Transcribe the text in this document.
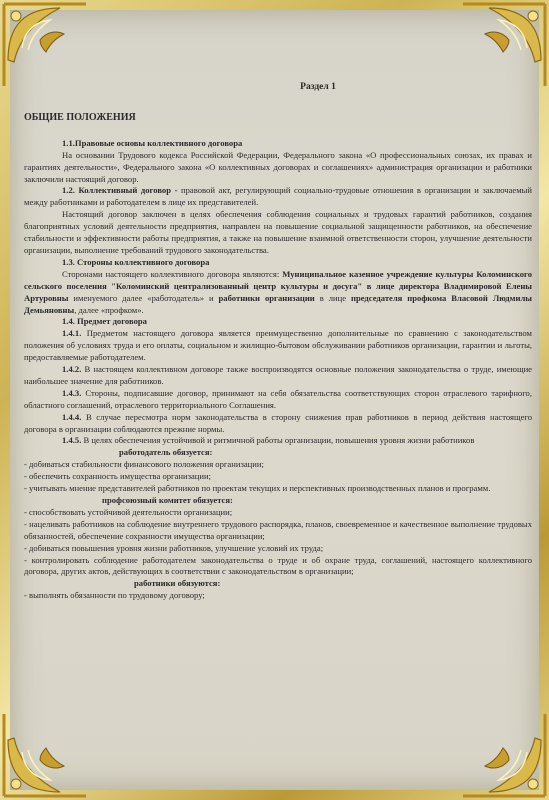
Раздел 1
ОБЩИЕ ПОЛОЖЕНИЯ
1.1.Правовые основы коллективного договора
На основании Трудового кодекса Российской Федерации, Федерального закона «О профессиональных союзах, их правах и гарантиях деятельности», Федерального закона «О коллективных договорах и соглашениях» администрация организации и работники заключили настоящий договор.
1.2. Коллективный договор - правовой акт, регулирующий социально-трудовые отношения в организации и заключаемый между работниками и работодателем в лице их представителей.
Настоящий договор заключен в целях обеспечения соблюдения социальных и трудовых гарантий работников, создания благоприятных условий деятельности предприятия, направлен на повышение социальной защищенности работников, на обеспечение стабильности и эффективности работы предприятия, а также на повышение взаимной ответственности сторон, улучшение деятельности организации, выполнение требований трудового законодательства.
1.3. Стороны коллективного договора
Сторонами настоящего коллективного договора являются: Муниципальное казенное учреждение культуры Коломинского сельского поселения "Коломинский централизованный центр культуры и досуга" в лице директора Владимировой Елены Артуровны именуемого далее «работодатель» и работники организации в лице председателя профкома Власовой Людмилы Демьяновны, далее «профком».
1.4. Предмет договора
1.4.1. Предметом настоящего договора является преимущественно дополнительные по сравнению с законодательством положения об условиях труда и его оплаты, социальном и жилищно-бытовом обслуживании работников организации, гарантии и льготы, предоставляемые работодателем.
1.4.2. В настоящем коллективном договоре также воспроизводятся основные положения законодательства о труде, имеющие наибольшее значение для работников.
1.4.3. Стороны, подписавшие договор, принимают на себя обязательства соответствующих сторон отраслевого тарифного, областного соглашений, отраслевого территориального Соглашения.
1.4.4. В случае пересмотра норм законодательства в сторону снижения прав работников в период действия настоящего договора в организации соблюдаются прежние нормы.
1.4.5. В целях обеспечения устойчивой и ритмичной работы организации, повышения уровня жизни работников
работодатель обязуется:
- добиваться стабильности финансового положения организации;
- обеспечить сохранность имущества организации;
- учитывать мнение представителей работников по проектам текущих и перспективных производственных планов и программ.
профсоюзный комитет обязуется:
- способствовать устойчивой деятельности организации;
- нацеливать работников на соблюдение внутреннего трудового распорядка, планов, своевременное и качественное выполнение трудовых обязанностей, обеспечение сохранности имущества организации;
- добиваться повышения уровня жизни работников, улучшение условий их труда;
- контролировать соблюдение работодателем законодательства о труде и об охране труда, соглашений, настоящего коллективного договора, других актов, действующих в соответствии с законодательством в организации;
работники обязуются:
- выполнять обязанности по трудовому договору;
